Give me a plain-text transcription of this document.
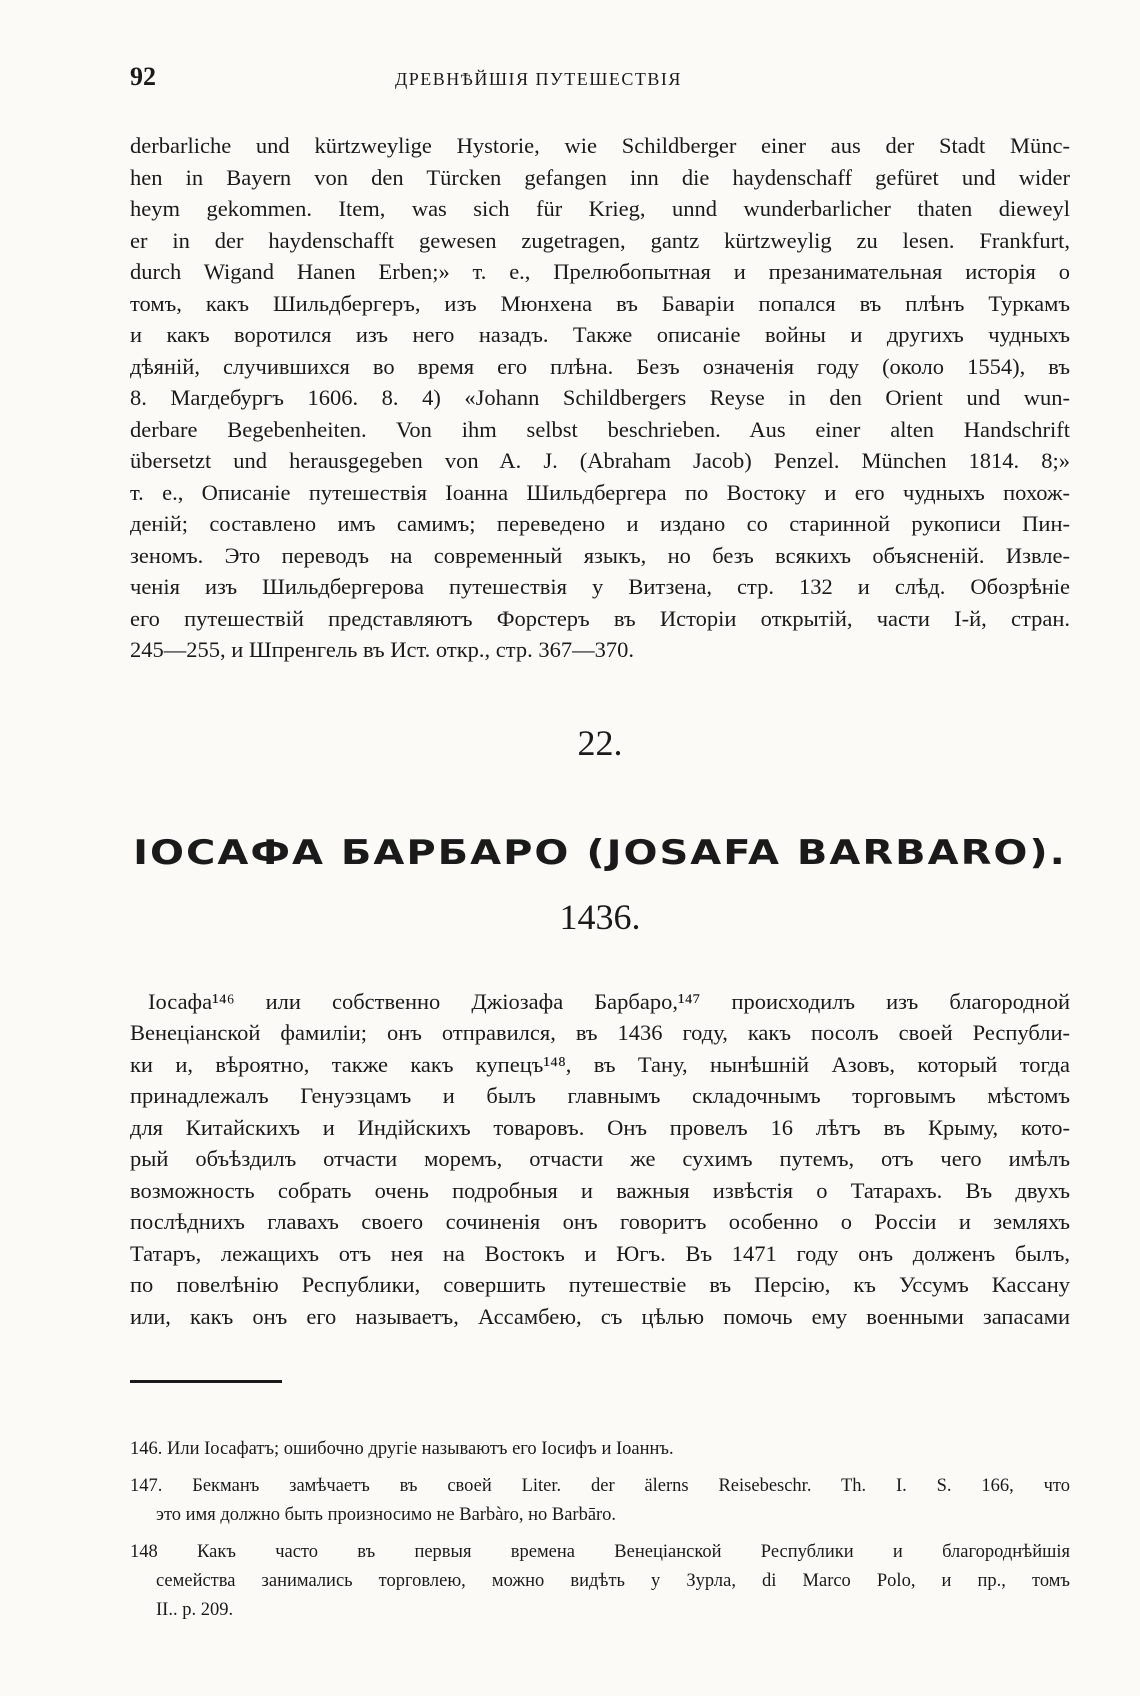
92	ДРЕВНѢЙШІЯ ПУТЕШЕСТВІЯ
derbarliche und kürtzweylige Hystorie, wie Schildberger einer aus der Stadt Münc-
hen in Bayern von den Türcken gefangen inn die haydenschaff gefüret und wider
heym gekommen. Item, was sich für Krieg, unnd wunderbarlicher thaten dieweyl
er in der haydenschafft gewesen zugetragen, gantz kürtzweylig zu lesen. Frankfurt,
durch Wigand Hanen Erben;» т. е., Прелюбопытная и презанимательная исторія о
томъ, какъ Шильдбергеръ, изъ Мюнхена въ Баваріи попался въ плѣнъ Туркамъ
и какъ воротился изъ него назадъ. Также описаніе войны и другихъ чудныхъ
дѣяній, случившихся во время его плѣна. Безъ означенія году (около 1554), въ
8. Магдебургъ 1606. 8. 4) «Johann Schildbergers Reyse in den Orient und wun-
derbare Begebenheiten. Von ihm selbst beschrieben. Aus einer alten Handschrift
übersetzt und herausgegeben von A. J. (Abraham Jacob) Penzel. München 1814. 8;»
т. е., Описаніе путешествія Іоанна Шильдбергера по Востоку и его чудныхъ похож-
деній; составлено имъ самимъ; переведено и издано со старинной рукописи Пин-
зеномъ. Это переводъ на современный языкъ, но безъ всякихъ объясненій. Извле-
ченія изъ Шильдбергерова путешествія у Витзена, стр. 132 и слѣд. Обозрѣніе
его путешествій представляютъ Форстеръ въ Исторіи открытій, части I-й, стран.
245—255, и Шпренгель въ Ист. откр., стр. 367—370.
22.
ІОСАФА БАРБАРО (JOSAFA BARBARO).
1436.
Іосафа¹⁴⁶ или собственно Джіозафа Барбаро,¹⁴⁷ происходилъ изъ благородной
Венеціанской фамиліи; онъ отправился, въ 1436 году, какъ посолъ своей Республи-
ки и, вѣроятно, также какъ купецъ¹⁴⁸, въ Тану, нынѣшній Азовъ, который тогда
принадлежалъ Генуэзцамъ и былъ главнымъ складочнымъ торговымъ мѣстомъ
для Китайскихъ и Индійскихъ товаровъ. Онъ провелъ 16 лѣтъ въ Крыму, кото-
рый объѣздилъ отчасти моремъ, отчасти же сухимъ путемъ, отъ чего имѣлъ
возможность собрать очень подробныя и важныя извѣстія о Татарахъ. Въ двухъ
послѣднихъ главахъ своего сочиненія онъ говоритъ особенно о Россіи и земляхъ
Татаръ, лежащихъ отъ нея на Востокъ и Югъ. Въ 1471 году онъ долженъ былъ,
по повелѣнію Республики, совершить путешествіе въ Персію, къ Уссумъ Кассану
или, какъ онъ его называетъ, Ассамбею, съ цѣлью помочь ему военными запасами
146. Или Іосафатъ; ошибочно другіе называютъ его Іосифъ и Іоаннъ.
147. Бекманъ замѣчаетъ въ своей Liter. der älerns Reisebeschr. Th. I. S. 166, что
это имя должно быть произносимо не Barbàro, но Barbāro.
148 Какъ часто въ первыя времена Венеціанской Республики и благороднѣйшія
семейства занимались торговлею, можно видѣть у Зурла, di Marco Polo, и пр., томъ
II.. p. 209.
